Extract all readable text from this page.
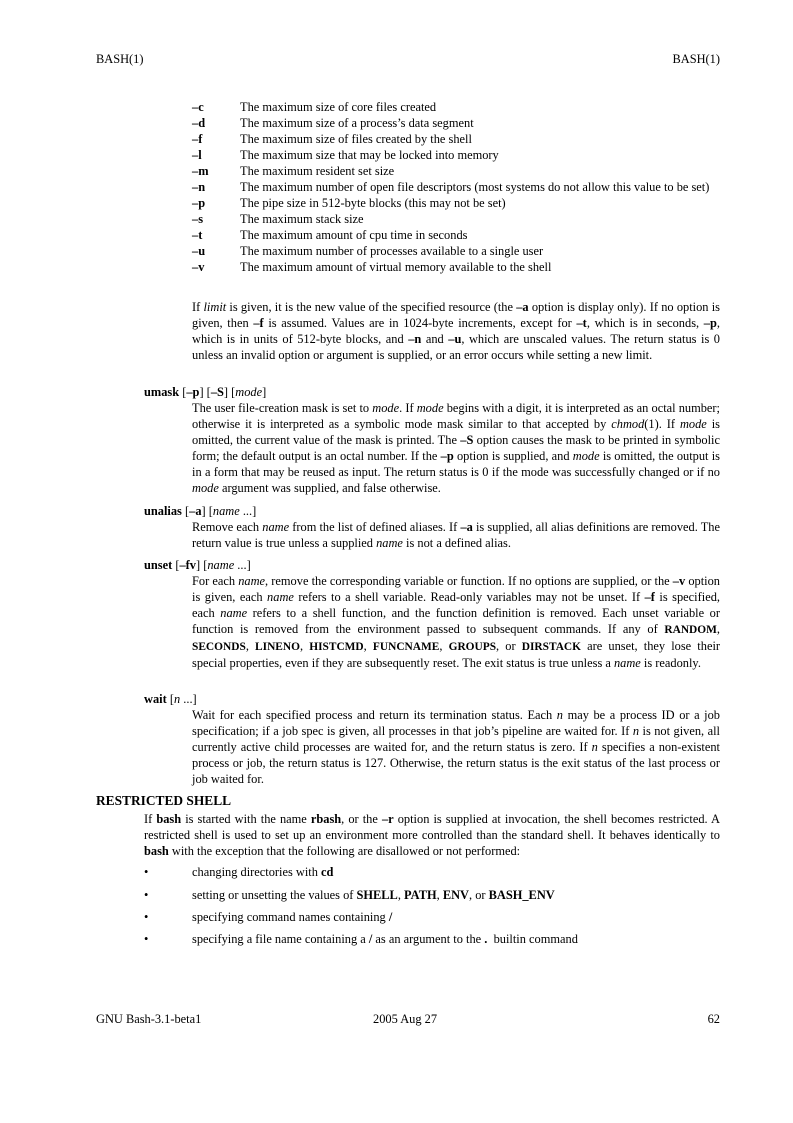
BASH(1)	BASH(1)
–c	The maximum size of core files created
–d	The maximum size of a process’s data segment
–f	The maximum size of files created by the shell
–l	The maximum size that may be locked into memory
–m	The maximum resident set size
–n	The maximum number of open file descriptors (most systems do not allow this value to be set)
–p	The pipe size in 512-byte blocks (this may not be set)
–s	The maximum stack size
–t	The maximum amount of cpu time in seconds
–u	The maximum number of processes available to a single user
–v	The maximum amount of virtual memory available to the shell
If limit is given, it is the new value of the specified resource (the –a option is display only). If no option is given, then –f is assumed. Values are in 1024-byte increments, except for –t, which is in seconds, –p, which is in units of 512-byte blocks, and –n and –u, which are unscaled values. The return status is 0 unless an invalid option or argument is supplied, or an error occurs while setting a new limit.
umask [–p] [–S] [mode]
The user file-creation mask is set to mode. If mode begins with a digit, it is interpreted as an octal number; otherwise it is interpreted as a symbolic mode mask similar to that accepted by chmod(1). If mode is omitted, the current value of the mask is printed. The –S option causes the mask to be printed in symbolic form; the default output is an octal number. If the –p option is supplied, and mode is omitted, the output is in a form that may be reused as input. The return status is 0 if the mode was successfully changed or if no mode argument was supplied, and false otherwise.
unalias [–a] [name ...]
Remove each name from the list of defined aliases. If –a is supplied, all alias definitions are removed. The return value is true unless a supplied name is not a defined alias.
unset [–fv] [name ...]
For each name, remove the corresponding variable or function. If no options are supplied, or the –v option is given, each name refers to a shell variable. Read-only variables may not be unset. If –f is specified, each name refers to a shell function, and the function definition is removed. Each unset variable or function is removed from the environment passed to subsequent commands. If any of RANDOM, SECONDS, LINENO, HISTCMD, FUNCNAME, GROUPS, or DIRSTACK are unset, they lose their special properties, even if they are subsequently reset. The exit status is true unless a name is readonly.
wait [n ...]
Wait for each specified process and return its termination status. Each n may be a process ID or a job specification; if a job spec is given, all processes in that job’s pipeline are waited for. If n is not given, all currently active child processes are waited for, and the return status is zero. If n specifies a non-existent process or job, the return status is 127. Otherwise, the return status is the exit status of the last process or job waited for.
RESTRICTED SHELL
If bash is started with the name rbash, or the –r option is supplied at invocation, the shell becomes restricted. A restricted shell is used to set up an environment more controlled than the standard shell. It behaves identically to bash with the exception that the following are disallowed or not performed:
•	changing directories with cd
•	setting or unsetting the values of SHELL, PATH, ENV, or BASH_ENV
•	specifying command names containing /
•	specifying a file name containing a / as an argument to the .  builtin command
GNU Bash-3.1-beta1	2005 Aug 27	62
